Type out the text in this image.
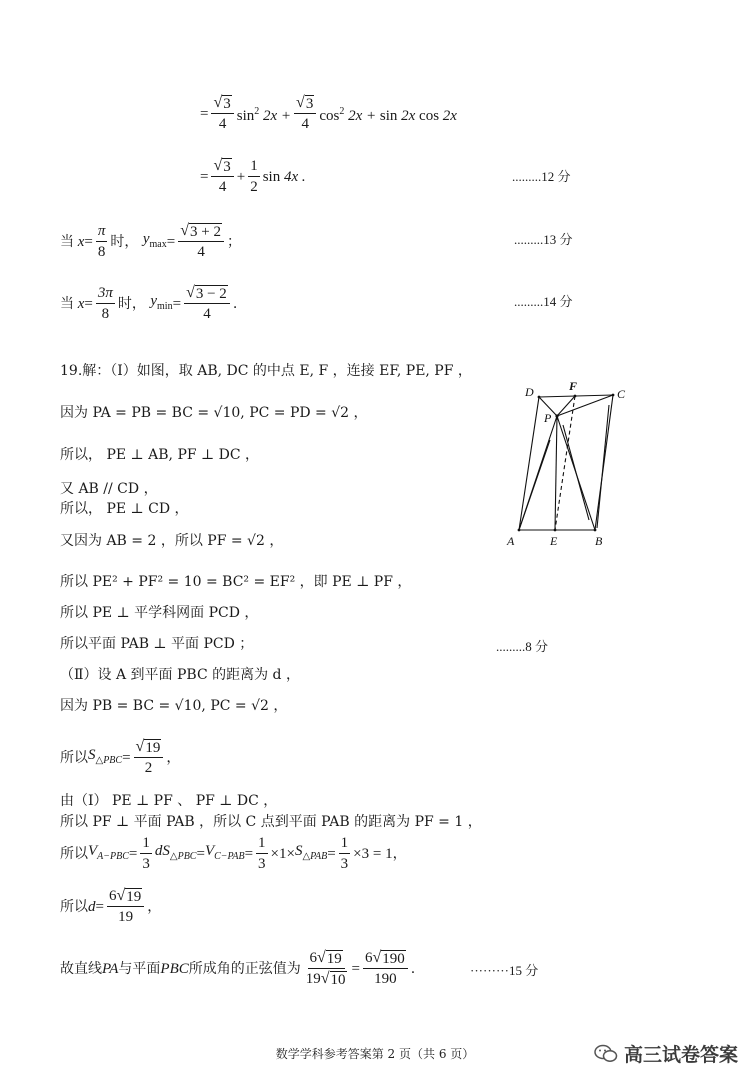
= $\frac{√ 3}{4} \sin^2 2x + \frac{√ 3}{4} \cos^2 2x + \sin 2x$ cos 2x
= $\frac{√ 3}{4} + \frac{1}{2}$ sin 4x .	.........12 分
当 $x = \frac{\pi}{8}$ 时， $y_{max} = \frac{√ 3 + 2}{4}$ ；	.........13 分
当 $x = \frac{3\pi}{8}$ 时， $y_{min} = \frac{√ 3 - 2}{4}$ .	.........14 分
19.解：（Ⅰ）如图，取 AB, DC 的中点 E, F ，连接 EF, PE, PF ，
因为 PA = PB = BC = √10, PC = PD = √2 ，
所以， PE ⊥ AB, PF ⊥ DC ，
又 AB // CD ，
所以， PE ⊥ CD ，
又因为 AB = 2 ，所以 PF = √2 ，
所以 PE² + PF² = 10 = BC² = EF² ，即 PE ⊥ PF ，
所以 PE ⊥ 平学科网面 PCD ，
所以平面 PAB ⊥ 平面 PCD ；	.........8 分
（Ⅱ）设 A 到平面 PBC 的距离为 d ，
因为 PB = BC = √10, PC = √2 ，
所以 $S_{\triangle PBC} = \frac{√ 19}{2}$ ，
由（Ⅰ） PE ⊥ PF 、 PF ⊥ DC ，
所以 PF ⊥ 平面 PAB ，所以 C 点到平面 PAB 的距离为 PF = 1 ，
所以 $V_{A-PBC} = \frac{1}{3} dS_{\triangle PBC} = V_{C-PAB} = \frac{1}{3} \times 1\times S_{\triangle PAB} = \frac{1}{3} \times 3 = 1$ ，
所以 $d = \frac{6 √ 19}{19}$ ，
故直线 PA 与平面 PBC 所成角的正弦值为 $\frac{6 √ 19}{19 √ 10} = \frac{6 √ 190}{190}$ .	·········15 分
D	F
C
P
A	E	B
数学学科参考答案第 2 页（共 6 页）	高三试卷答案
